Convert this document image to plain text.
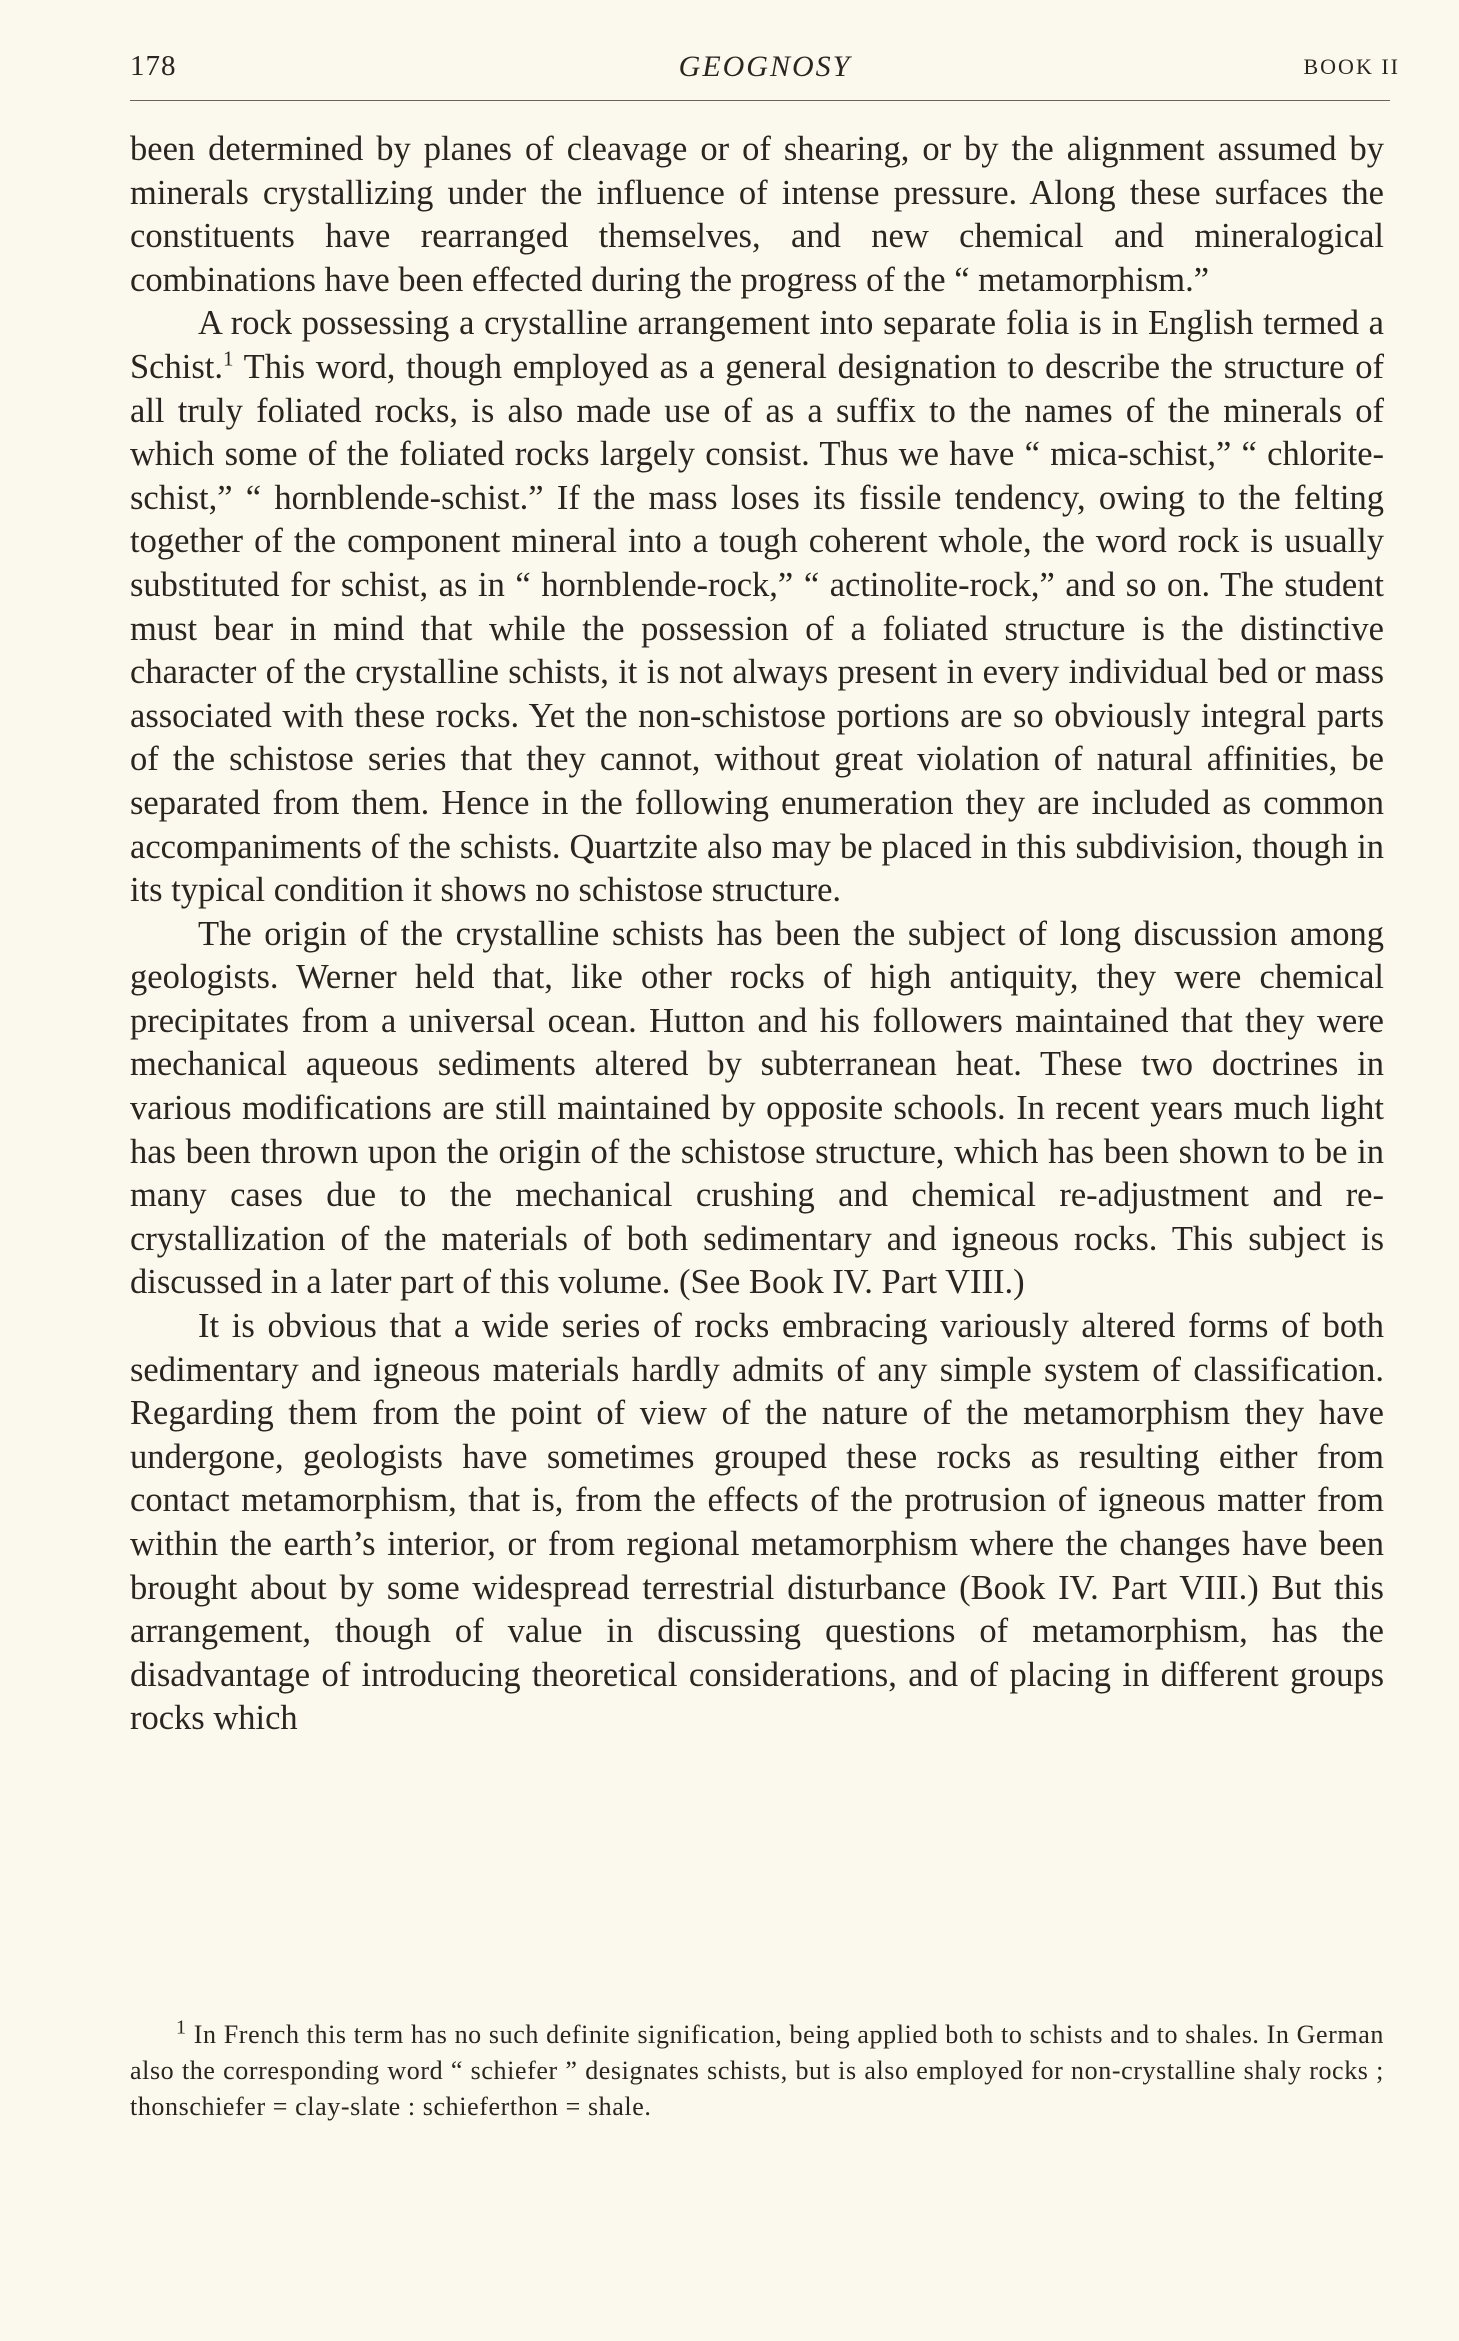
178	GEOGNOSY	BOOK II

been determined by planes of cleavage or of shearing, or by the alignment assumed by minerals crystallizing under the influence of intense pressure. Along these surfaces the constituents have rearranged themselves, and new chemical and mineralogical combinations have been effected during the progress of the “ metamorphism.”

A rock possessing a crystalline arrangement into separate folia is in English termed a Schist.$^1$ This word, though employed as a general designation to describe the structure of all truly foliated rocks, is also made use of as a suffix to the names of the minerals of which some of the foliated rocks largely consist. Thus we have “ mica-schist,” “ chlorite-schist,” “ hornblende-schist.” If the mass loses its fissile tendency, owing to the felting together of the component mineral into a tough coherent whole, the word rock is usually substituted for schist, as in “ hornblende-rock,” “ actinolite-rock,” and so on. The student must bear in mind that while the possession of a foliated structure is the distinctive character of the crystalline schists, it is not always present in every individual bed or mass associated with these rocks. Yet the non-schistose portions are so obviously integral parts of the schistose series that they cannot, without great violation of natural affinities, be separated from them. Hence in the following enumeration they are included as common accompaniments of the schists. Quartzite also may be placed in this subdivision, though in its typical condition it shows no schistose structure.

The origin of the crystalline schists has been the subject of long discussion among geologists. Werner held that, like other rocks of high antiquity, they were chemical precipitates from a universal ocean. Hutton and his followers maintained that they were mechanical aqueous sediments altered by subterranean heat. These two doctrines in various modifications are still maintained by opposite schools. In recent years much light has been thrown upon the origin of the schistose structure, which has been shown to be in many cases due to the mechanical crushing and chemical re-adjustment and re-crystallization of the materials of both sedimentary and igneous rocks. This subject is discussed in a later part of this volume. (See Book IV. Part VIII.)

It is obvious that a wide series of rocks embracing variously altered forms of both sedimentary and igneous materials hardly admits of any simple system of classification. Regarding them from the point of view of the nature of the metamorphism they have undergone, geologists have sometimes grouped these rocks as resulting either from contact metamorphism, that is, from the effects of the protrusion of igneous matter from within the earth’s interior, or from regional metamorphism where the changes have been brought about by some widespread terrestrial disturbance (Book IV. Part VIII.) But this arrangement, though of value in discussing questions of metamorphism, has the disadvantage of introducing theoretical considerations, and of placing in different groups rocks which

$^1$ In French this term has no such definite signification, being applied both to schists and to shales. In German also the corresponding word “ schiefer ” designates schists, but is also employed for non-crystalline shaly rocks ; thonschiefer = clay-slate : schieferthon = shale.
